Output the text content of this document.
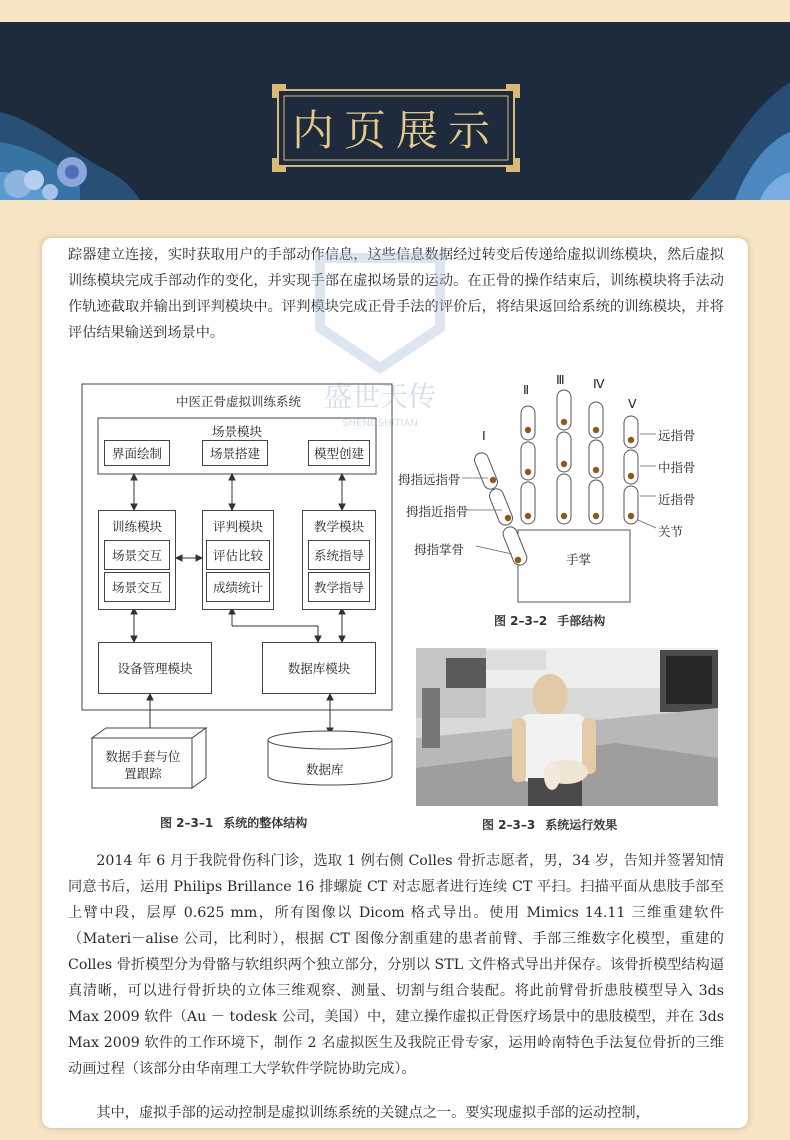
内页展示

踪器建立连接，实时获取用户的手部动作信息，这些信息数据经过转变后传递给虚拟训练模块，然后虚拟训练模块完成手部动作的变化，并实现手部在虚拟场景的运动。在正骨的操作结束后，训练模块将手法动作轨迹截取并输出到评判模块中。评判模块完成正骨手法的评价后，将结果返回给系统的训练模块，并将评估结果输送到场景中。

中医正骨虚拟训练系统
场景模块
界面绘制	场景搭建	模型创建
训练模块
场景交互
场景交互
评判模块
评估比较
成绩统计
教学模块
系统指导
教学指导
设备管理模块	数据库模块
数据手套与位置跟踪	数据库
图 2–3–1 系统的整体结构
Ⅰ
Ⅱ
Ⅲ Ⅳ
Ⅴ
远指骨
中指骨
近指骨
关节
拇指远指骨
拇指近指骨
拇指掌骨
手掌
图 2–3–2 手部结构
图 2–3–3 系统运行效果

2014 年 6 月于我院骨伤科门诊，选取 1 例右侧 Colles 骨折志愿者，男，34 岁，告知并签署知情同意书后，运用 Philips Brillance 16 排螺旋 CT 对志愿者进行连续 CT 平扫。扫描平面从患肢手部至上臂中段，层厚 0.625 mm，所有图像以 Dicom 格式导出。使用 Mimics 14.11 三维重建软件（Materi－alise 公司，比利时），根据 CT 图像分割重建的患者前臂、手部三维数字化模型，重建的 Colles 骨折模型分为骨骼与软组织两个独立部分，分别以 STL 文件格式导出并保存。该骨折模型结构逼真清晰，可以进行骨折块的立体三维观察、测量、切割与组合装配。将此前臂骨折患肢模型导入 3ds Max 2009 软件（Au － todesk 公司，美国）中，建立操作虚拟正骨医疗场景中的患肢模型，并在 3ds Max 2009 软件的工作环境下，制作 2 名虚拟医生及我院正骨专家，运用岭南特色手法复位骨折的三维动画过程（该部分由华南理工大学软件学院协助完成）。

其中，虚拟手部的运动控制是虚拟训练系统的关键点之一。要实现虚拟手部的运动控制，

盛世天传
SHENGSHITIAN
